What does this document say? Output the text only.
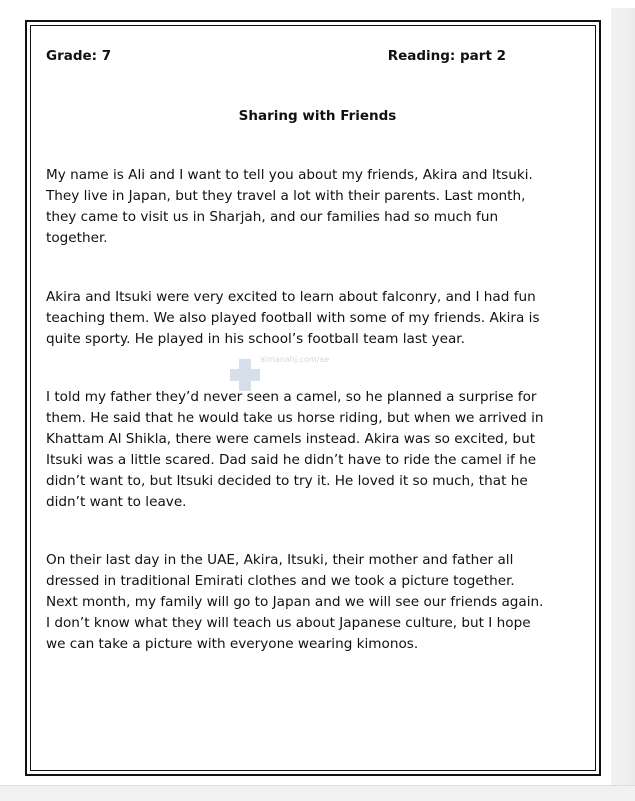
Grade: 7	Reading: part 2
Sharing with Friends
almanahj.com/ae

My name is Ali and I want to tell you about my friends, Akira and Itsuki. They live in Japan, but they travel a lot with their parents. Last month, they came to visit us in Sharjah, and our families had so much fun together.

Akira and Itsuki were very excited to learn about falconry, and I had fun teaching them. We also played football with some of my friends. Akira is quite sporty. He played in his school’s football team last year.

I told my father they’d never seen a camel, so he planned a surprise for them. He said that he would take us horse riding, but when we arrived in Khattam Al Shikla, there were camels instead. Akira was so excited, but Itsuki was a little scared. Dad said he didn’t have to ride the camel if he didn’t want to, but Itsuki decided to try it. He loved it so much, that he didn’t want to leave.

On their last day in the UAE, Akira, Itsuki, their mother and father all dressed in traditional Emirati clothes and we took a picture together. Next month, my family will go to Japan and we will see our friends again. I don’t know what they will teach us about Japanese culture, but I hope we can take a picture with everyone wearing kimonos.
